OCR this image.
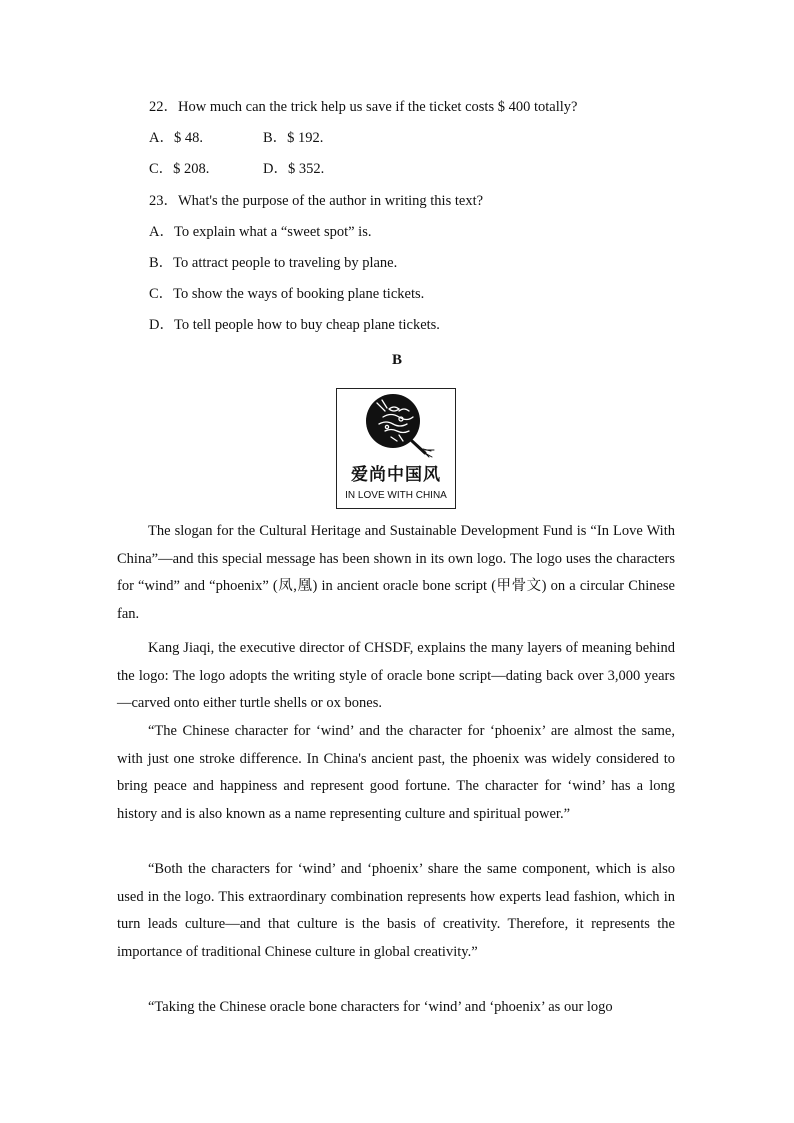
22．How much can the trick help us save if the ticket costs $ 400 totally?
A．$ 48.	B．$ 192.
C．$ 208.	D．$ 352.
23．What's the purpose of the author in writing this text?
A．To explain what a “sweet spot” is.
B．To attract people to traveling by plane.
C．To show the ways of booking plane tickets.
D．To tell people how to buy cheap plane tickets.
B
爱尚中国风
IN LOVE WITH CHINA
The slogan for the Cultural Heritage and Sustainable Development Fund is “In Love With China”—and this special message has been shown in its own logo. The logo uses the characters for “wind” and “phoenix” (凤,凰) in ancient oracle bone script (甲骨文) on a circular Chinese fan.
Kang Jiaqi, the executive director of CHSDF, explains the many layers of meaning behind the logo: The logo adopts the writing style of oracle bone script—dating back over 3,000 years—carved onto either turtle shells or ox bones.
“The Chinese character for ‘wind’ and the character for ‘phoenix’ are almost the same, with just one stroke difference. In China's ancient past, the phoenix was widely considered to bring peace and happiness and represent good fortune. The character for ‘wind’ has a long history and is also known as a name representing culture and spiritual power.”
“Both the characters for ‘wind’ and ‘phoenix’ share the same component, which is also used in the logo. This extraordinary combination represents how experts lead fashion, which in turn leads culture—and that culture is the basis of creativity. Therefore, it represents the importance of traditional Chinese culture in global creativity.”
“Taking the Chinese oracle bone characters for ‘wind’ and ‘phoenix’ as our logo
